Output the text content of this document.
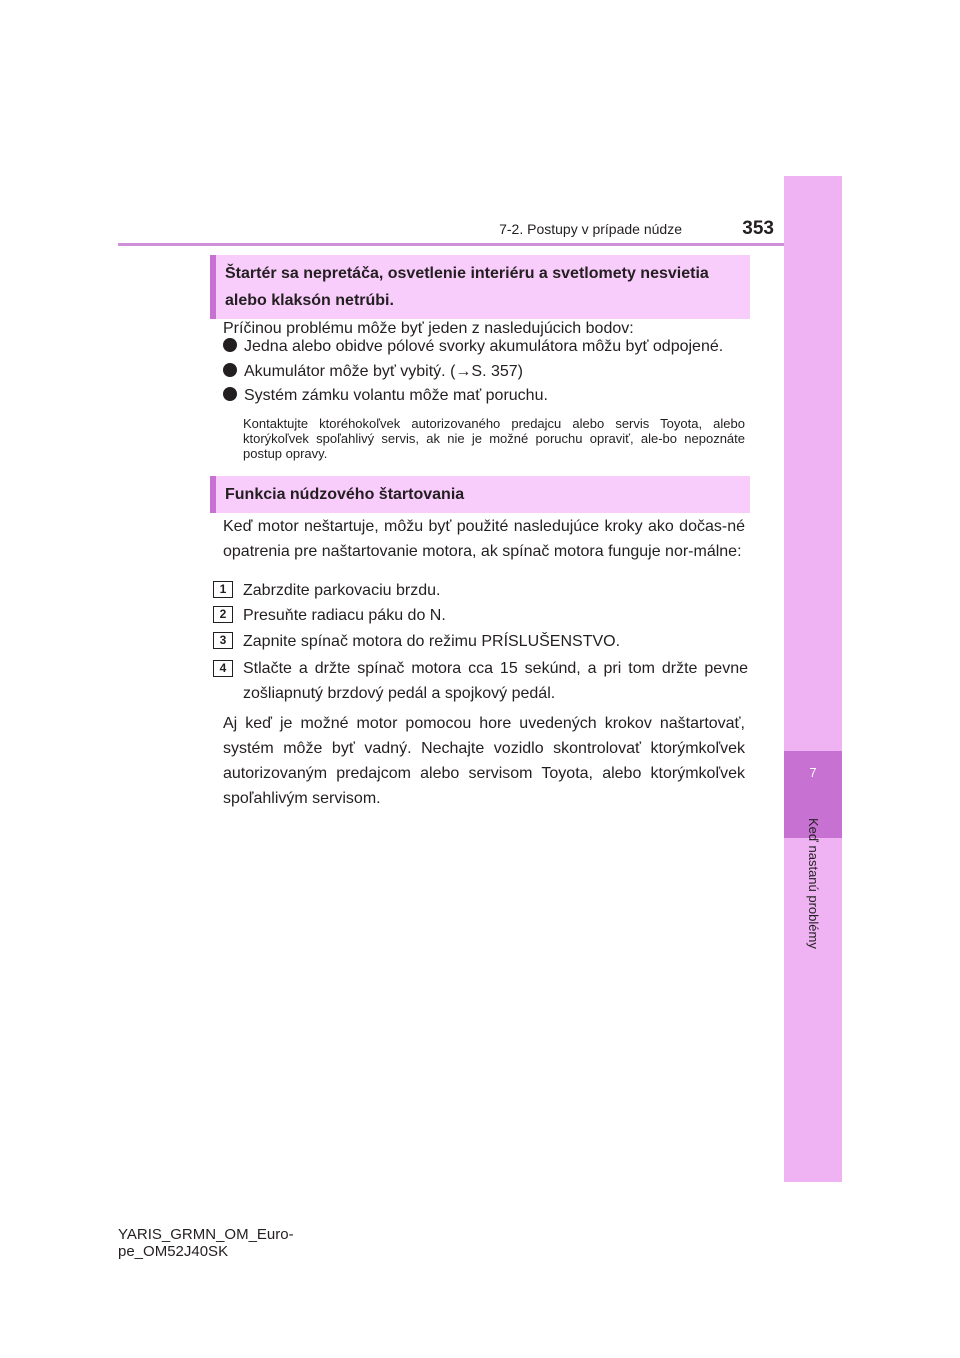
7
Keď nastanú problémy
7-2. Postupy v prípade núdze	353
Štartér sa nepretáča, osvetlenie interiéru a svetlomety nesvietia
alebo klaksón netrúbi.
Príčinou problému môže byť jeden z nasledujúcich bodov:
Jedna alebo obidve pólové svorky akumulátora môžu byť odpojené.
Akumulátor môže byť vybitý. (→S. 357)
Systém zámku volantu môže mať poruchu.
Kontaktujte ktoréhokoľvek autorizovaného predajcu alebo servis Toyota, alebo ktorýkoľvek spoľahlivý servis, ak nie je možné poruchu opraviť, ale-bo nepoznáte postup opravy.
Funkcia núdzového štartovania
Keď motor neštartuje, môžu byť použité nasledujúce kroky ako dočas-né opatrenia pre naštartovanie motora, ak spínač motora funguje nor-málne:
1	Zabrzdite parkovaciu brzdu.
2	Presuňte radiacu páku do N.
3	Zapnite spínač motora do režimu PRÍSLUŠENSTVO.
4	Stlačte a držte spínač motora cca 15 sekúnd, a pri tom držte pevne zošliapnutý brzdový pedál a spojkový pedál.
Aj keď je možné motor pomocou hore uvedených krokov naštartovať, systém môže byť vadný. Nechajte vozidlo skontrolovať ktorýmkoľvek autorizovaným predajcom alebo servisom Toyota, alebo ktorýmkoľvek spoľahlivým servisom.
YARIS_GRMN_OM_Euro-
pe_OM52J40SK
